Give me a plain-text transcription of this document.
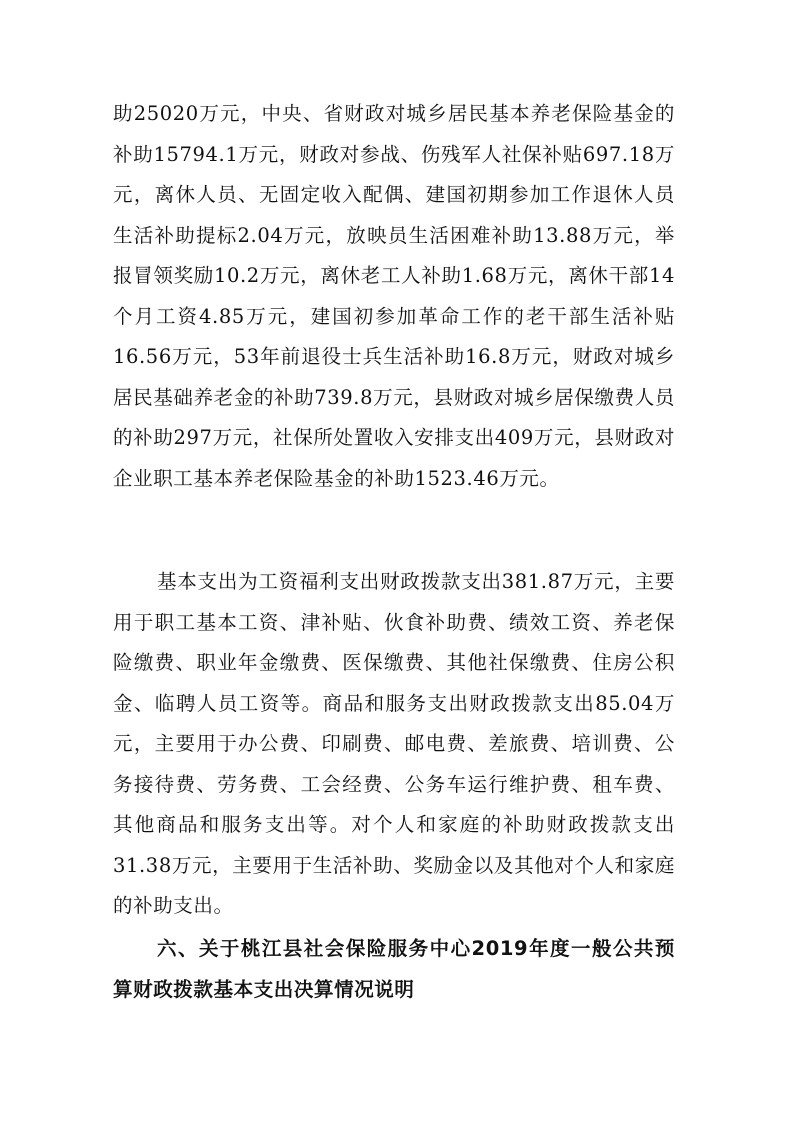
助25020万元，中央、省财政对城乡居民基本养老保险基金的补助15794.1万元，财政对参战、伤残军人社保补贴697.18万元，离休人员、无固定收入配偶、建国初期参加工作退休人员生活补助提标2.04万元，放映员生活困难补助13.88万元，举报冒领奖励10.2万元，离休老工人补助1.68万元，离休干部14个月工资4.85万元，建国初参加革命工作的老干部生活补贴16.56万元，53年前退役士兵生活补助16.8万元，财政对城乡居民基础养老金的补助739.8万元，县财政对城乡居保缴费人员的补助297万元，社保所处置收入安排支出409万元，县财政对企业职工基本养老保险基金的补助1523.46万元。

基本支出为工资福利支出财政拨款支出381.87万元，主要用于职工基本工资、津补贴、伙食补助费、绩效工资、养老保险缴费、职业年金缴费、医保缴费、其他社保缴费、住房公积金、临聘人员工资等。商品和服务支出财政拨款支出85.04万元，主要用于办公费、印刷费、邮电费、差旅费、培训费、公务接待费、劳务费、工会经费、公务车运行维护费、租车费、其他商品和服务支出等。对个人和家庭的补助财政拨款支出31.38万元，主要用于生活补助、奖励金以及其他对个人和家庭的补助支出。

六、关于桃江县社会保险服务中心2019年度一般公共预算财政拨款基本支出决算情况说明
